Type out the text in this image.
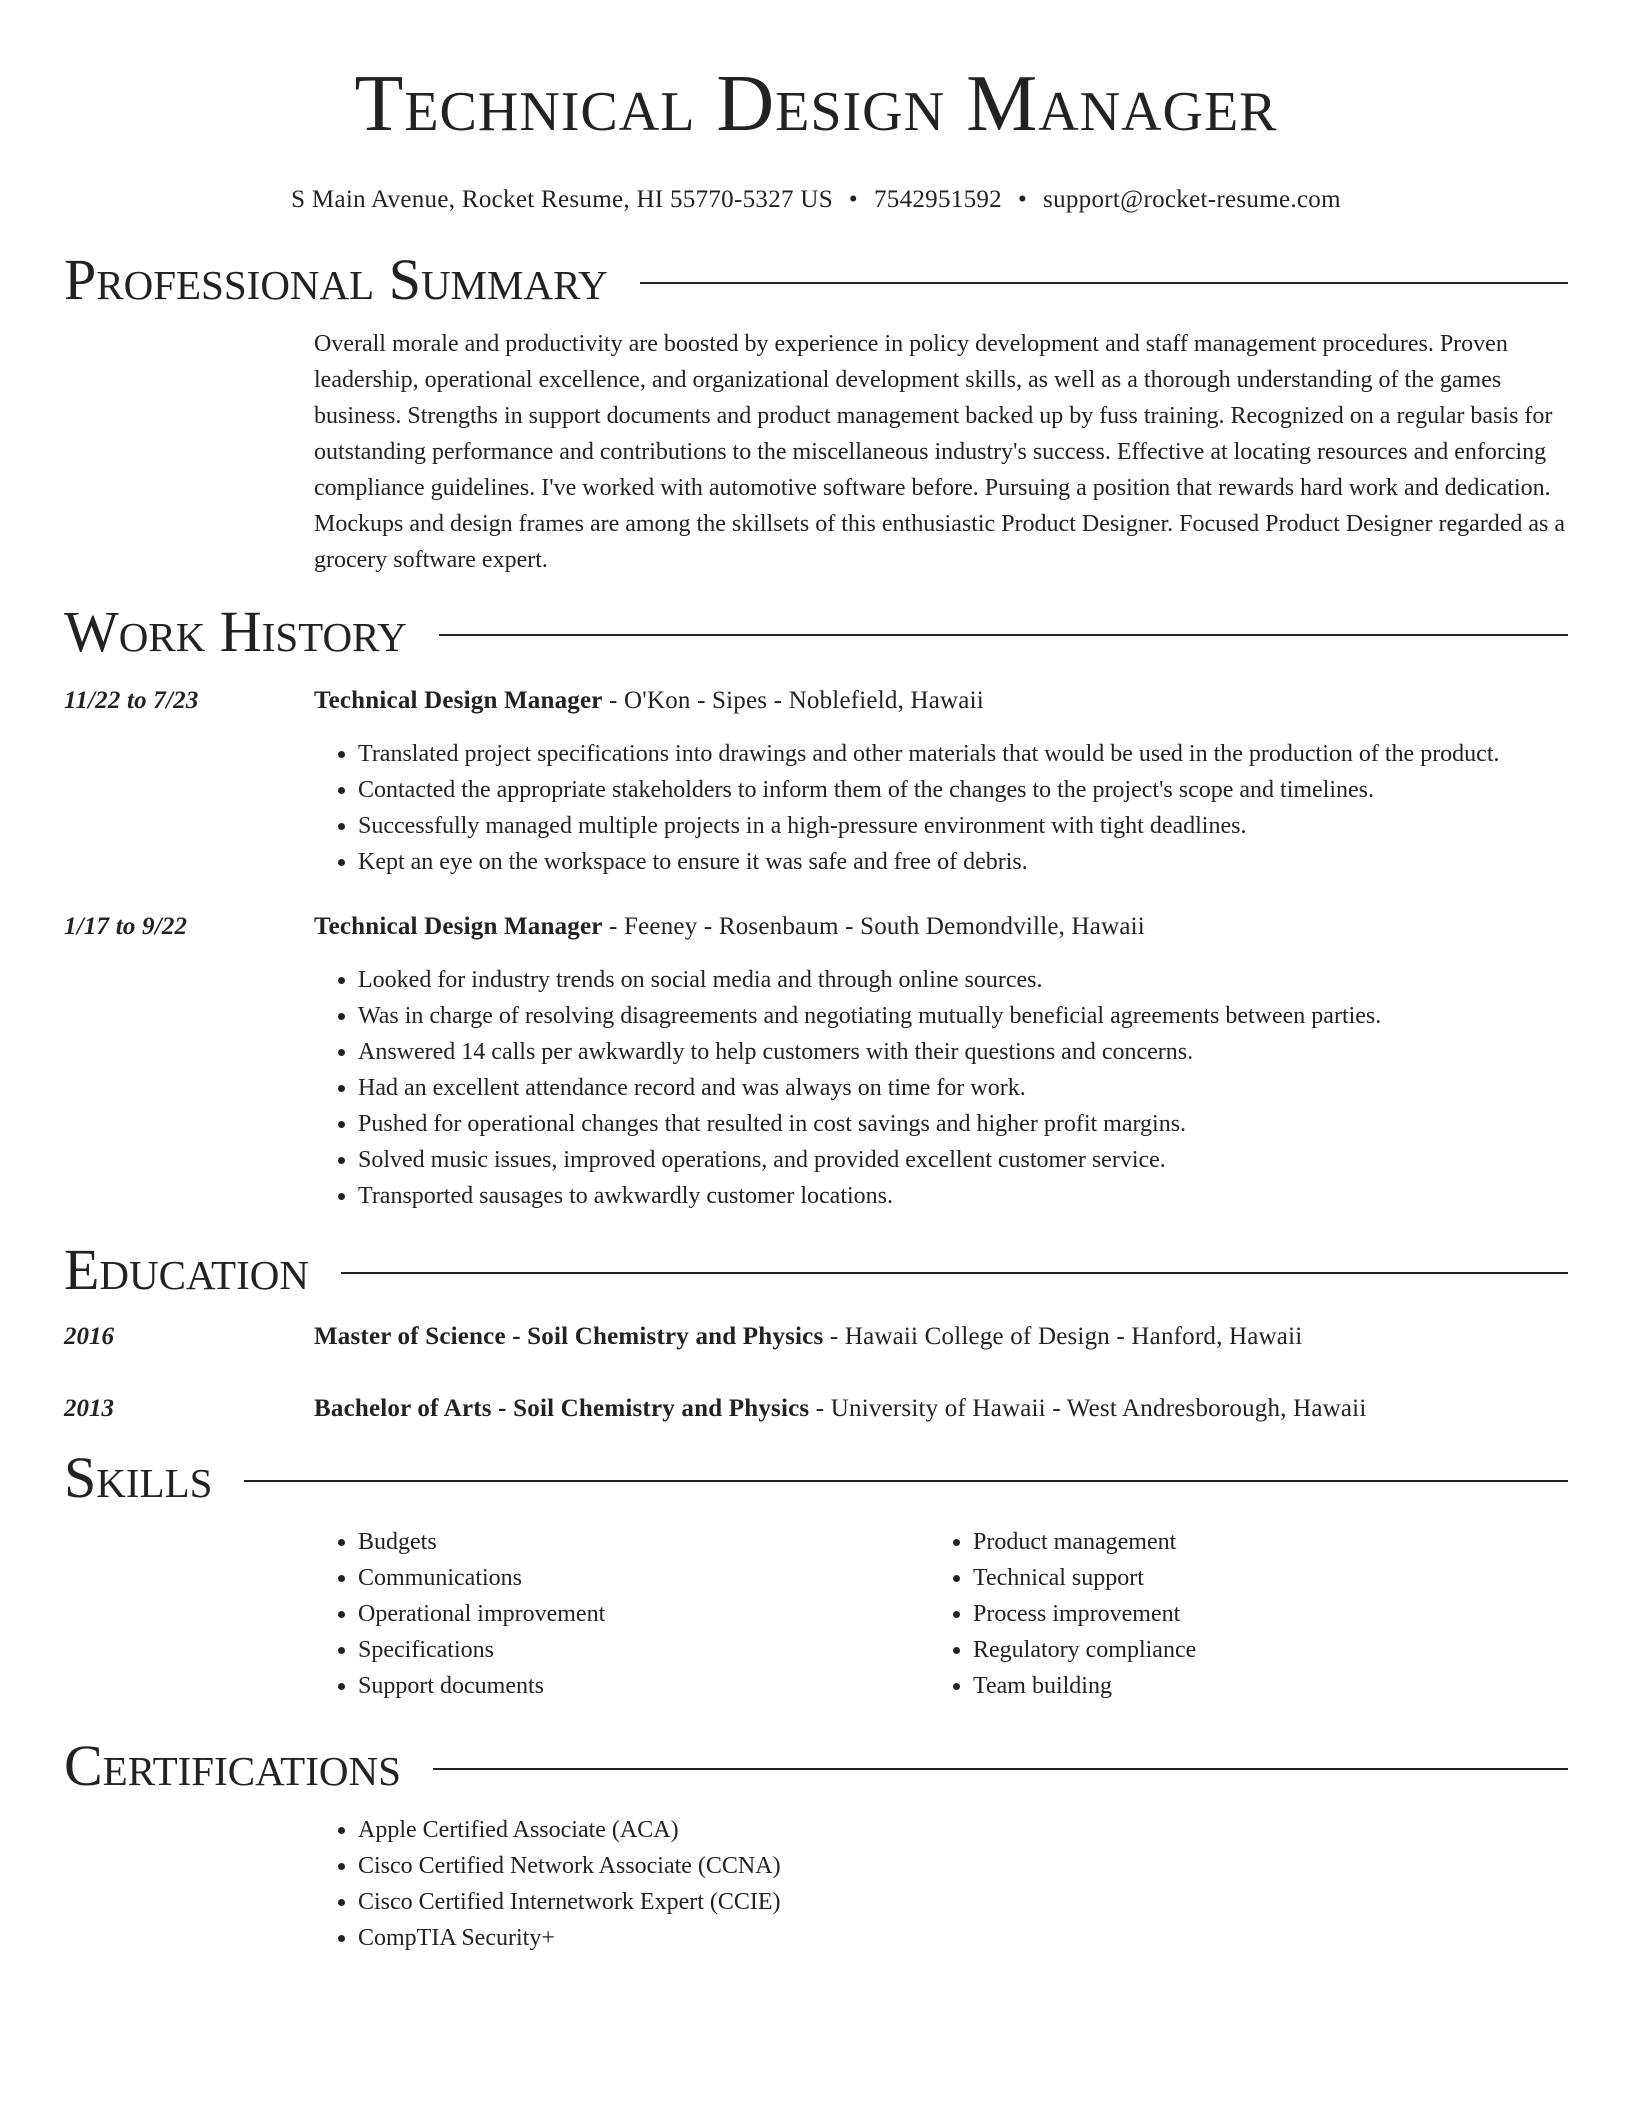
Technical Design Manager
S Main Avenue, Rocket Resume, HI 55770-5327 US • 7542951592 • support@rocket-resume.com
Professional Summary
Overall morale and productivity are boosted by experience in policy development and staff management procedures. Proven leadership, operational excellence, and organizational development skills, as well as a thorough understanding of the games business. Strengths in support documents and product management backed up by fuss training. Recognized on a regular basis for outstanding performance and contributions to the miscellaneous industry's success. Effective at locating resources and enforcing compliance guidelines. I've worked with automotive software before. Pursuing a position that rewards hard work and dedication. Mockups and design frames are among the skillsets of this enthusiastic Product Designer. Focused Product Designer regarded as a grocery software expert.
Work History
11/22 to 7/23	Technical Design Manager - O'Kon - Sipes - Noblefield, Hawaii
• Translated project specifications into drawings and other materials that would be used in the production of the product.
• Contacted the appropriate stakeholders to inform them of the changes to the project's scope and timelines.
• Successfully managed multiple projects in a high-pressure environment with tight deadlines.
• Kept an eye on the workspace to ensure it was safe and free of debris.
1/17 to 9/22	Technical Design Manager - Feeney - Rosenbaum - South Demondville, Hawaii
• Looked for industry trends on social media and through online sources.
• Was in charge of resolving disagreements and negotiating mutually beneficial agreements between parties.
• Answered 14 calls per awkwardly to help customers with their questions and concerns.
• Had an excellent attendance record and was always on time for work.
• Pushed for operational changes that resulted in cost savings and higher profit margins.
• Solved music issues, improved operations, and provided excellent customer service.
• Transported sausages to awkwardly customer locations.
Education
2016	Master of Science - Soil Chemistry and Physics - Hawaii College of Design - Hanford, Hawaii
2013	Bachelor of Arts - Soil Chemistry and Physics - University of Hawaii - West Andresborough, Hawaii
Skills
• Budgets
• Communications
• Operational improvement
• Specifications
• Support documents
• Product management
• Technical support
• Process improvement
• Regulatory compliance
• Team building
Certifications
• Apple Certified Associate (ACA)
• Cisco Certified Network Associate (CCNA)
• Cisco Certified Internetwork Expert (CCIE)
• CompTIA Security+
